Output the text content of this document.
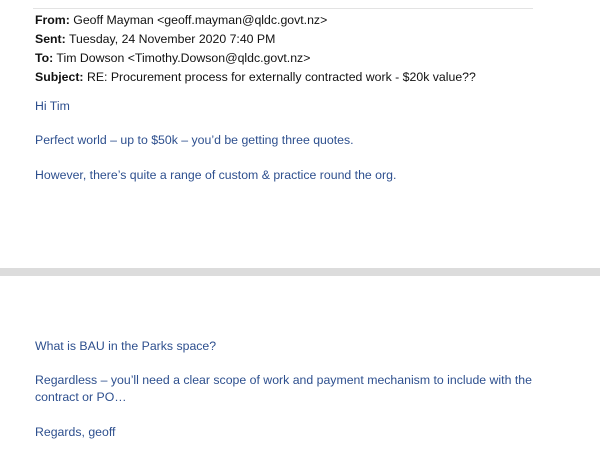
From: Geoff Mayman <geoff.mayman@qldc.govt.nz>
Sent: Tuesday, 24 November 2020 7:40 PM
To: Tim Dowson <Timothy.Dowson@qldc.govt.nz>
Subject: RE: Procurement process for externally contracted work - $20k value??
Hi Tim
Perfect world – up to $50k – you’d be getting three quotes.
However, there’s quite a range of custom & practice round the org.
What is BAU in the Parks space?
Regardless – you’ll need a clear scope of work and payment mechanism to include with the
contract or PO…
Regards, geoff
